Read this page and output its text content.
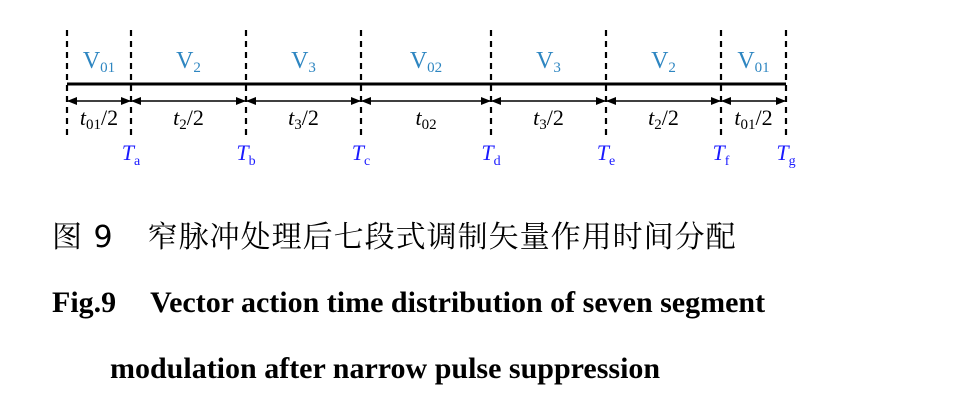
V01	V2	V3	V02	V3	V2	V01
t01/2	t2/2	t3/2	t02	t3/2	t2/2	t01/2
$T_a$	$T_b$	$T_c$	$T_d$	$T_e$	$T_f$ $T_g$
图 9 窄脉冲处理后七段式调制矢量作用时间分配
Fig.9 Vector action time distribution of seven segment
modulation after narrow pulse suppression
